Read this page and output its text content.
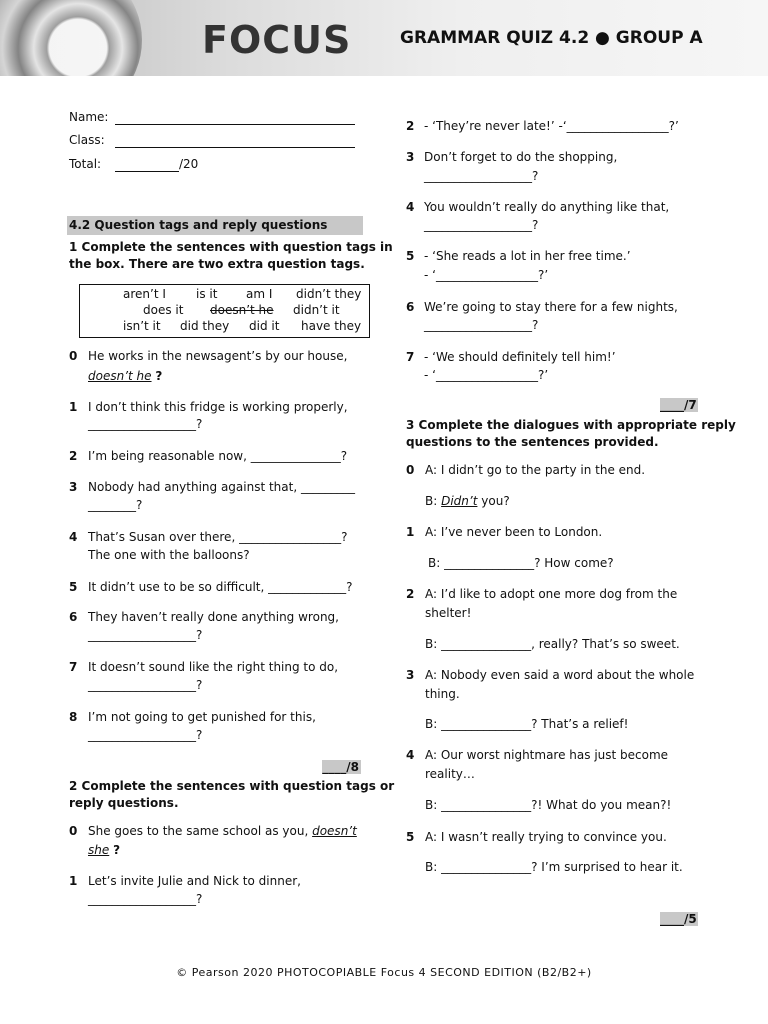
FOCUS	GRAMMAR QUIZ 4.2 ● GROUP A
Name:
Class:
Total:	/20
4.2 Question tags and reply questions
1 Complete the sentences with question tags in
the box. There are two extra question tags.
aren’t I	is it am I didn’t they
does it doesn’t he didn’t it
isn’t it did they did it have they
0 He works in the newsagent’s by our house,
doesn’t he ?
1 I don’t think this fridge is working properly,
__________________?
2 I’m being reasonable now, _______________?
3 Nobody had anything against that, _________
________?
4 That’s Susan over there, _________________?
The one with the balloons?
5 It didn’t use to be so difficult, _____________?
6 They haven’t really done anything wrong,
__________________?
7 It doesn’t sound like the right thing to do,
__________________?
8 I’m not going to get punished for this,
__________________?
____/8
2 Complete the sentences with question tags or
reply questions.
0 She goes to the same school as you, doesn’t
she ?
1 Let’s invite Julie and Nick to dinner,
__________________?
2 - ‘They’re never late!’ -‘_________________?’
3 Don’t forget to do the shopping,
__________________?
4 You wouldn’t really do anything like that,
__________________?
5 - ‘She reads a lot in her free time.’
- ‘_________________?’
6 We’re going to stay there for a few nights,
__________________?
7 - ‘We should definitely tell him!’
- ‘_________________?’
____/7
3 Complete the dialogues with appropriate reply
questions to the sentences provided.
0 A: I didn’t go to the party in the end.
B: Didn’t you?
1 A: I’ve never been to London.
B: _______________? How come?
2 A: I’d like to adopt one more dog from the
shelter!
B: _______________, really? That’s so sweet.
3 A: Nobody even said a word about the whole
thing.
B: _______________? That’s a relief!
4 A: Our worst nightmare has just become
reality…
B: _______________?! What do you mean?!
5 A: I wasn’t really trying to convince you.
B: _______________? I’m surprised to hear it.
____/5
© Pearson 2020 PHOTOCOPIABLE Focus 4 SECOND EDITION (B2/B2+)
